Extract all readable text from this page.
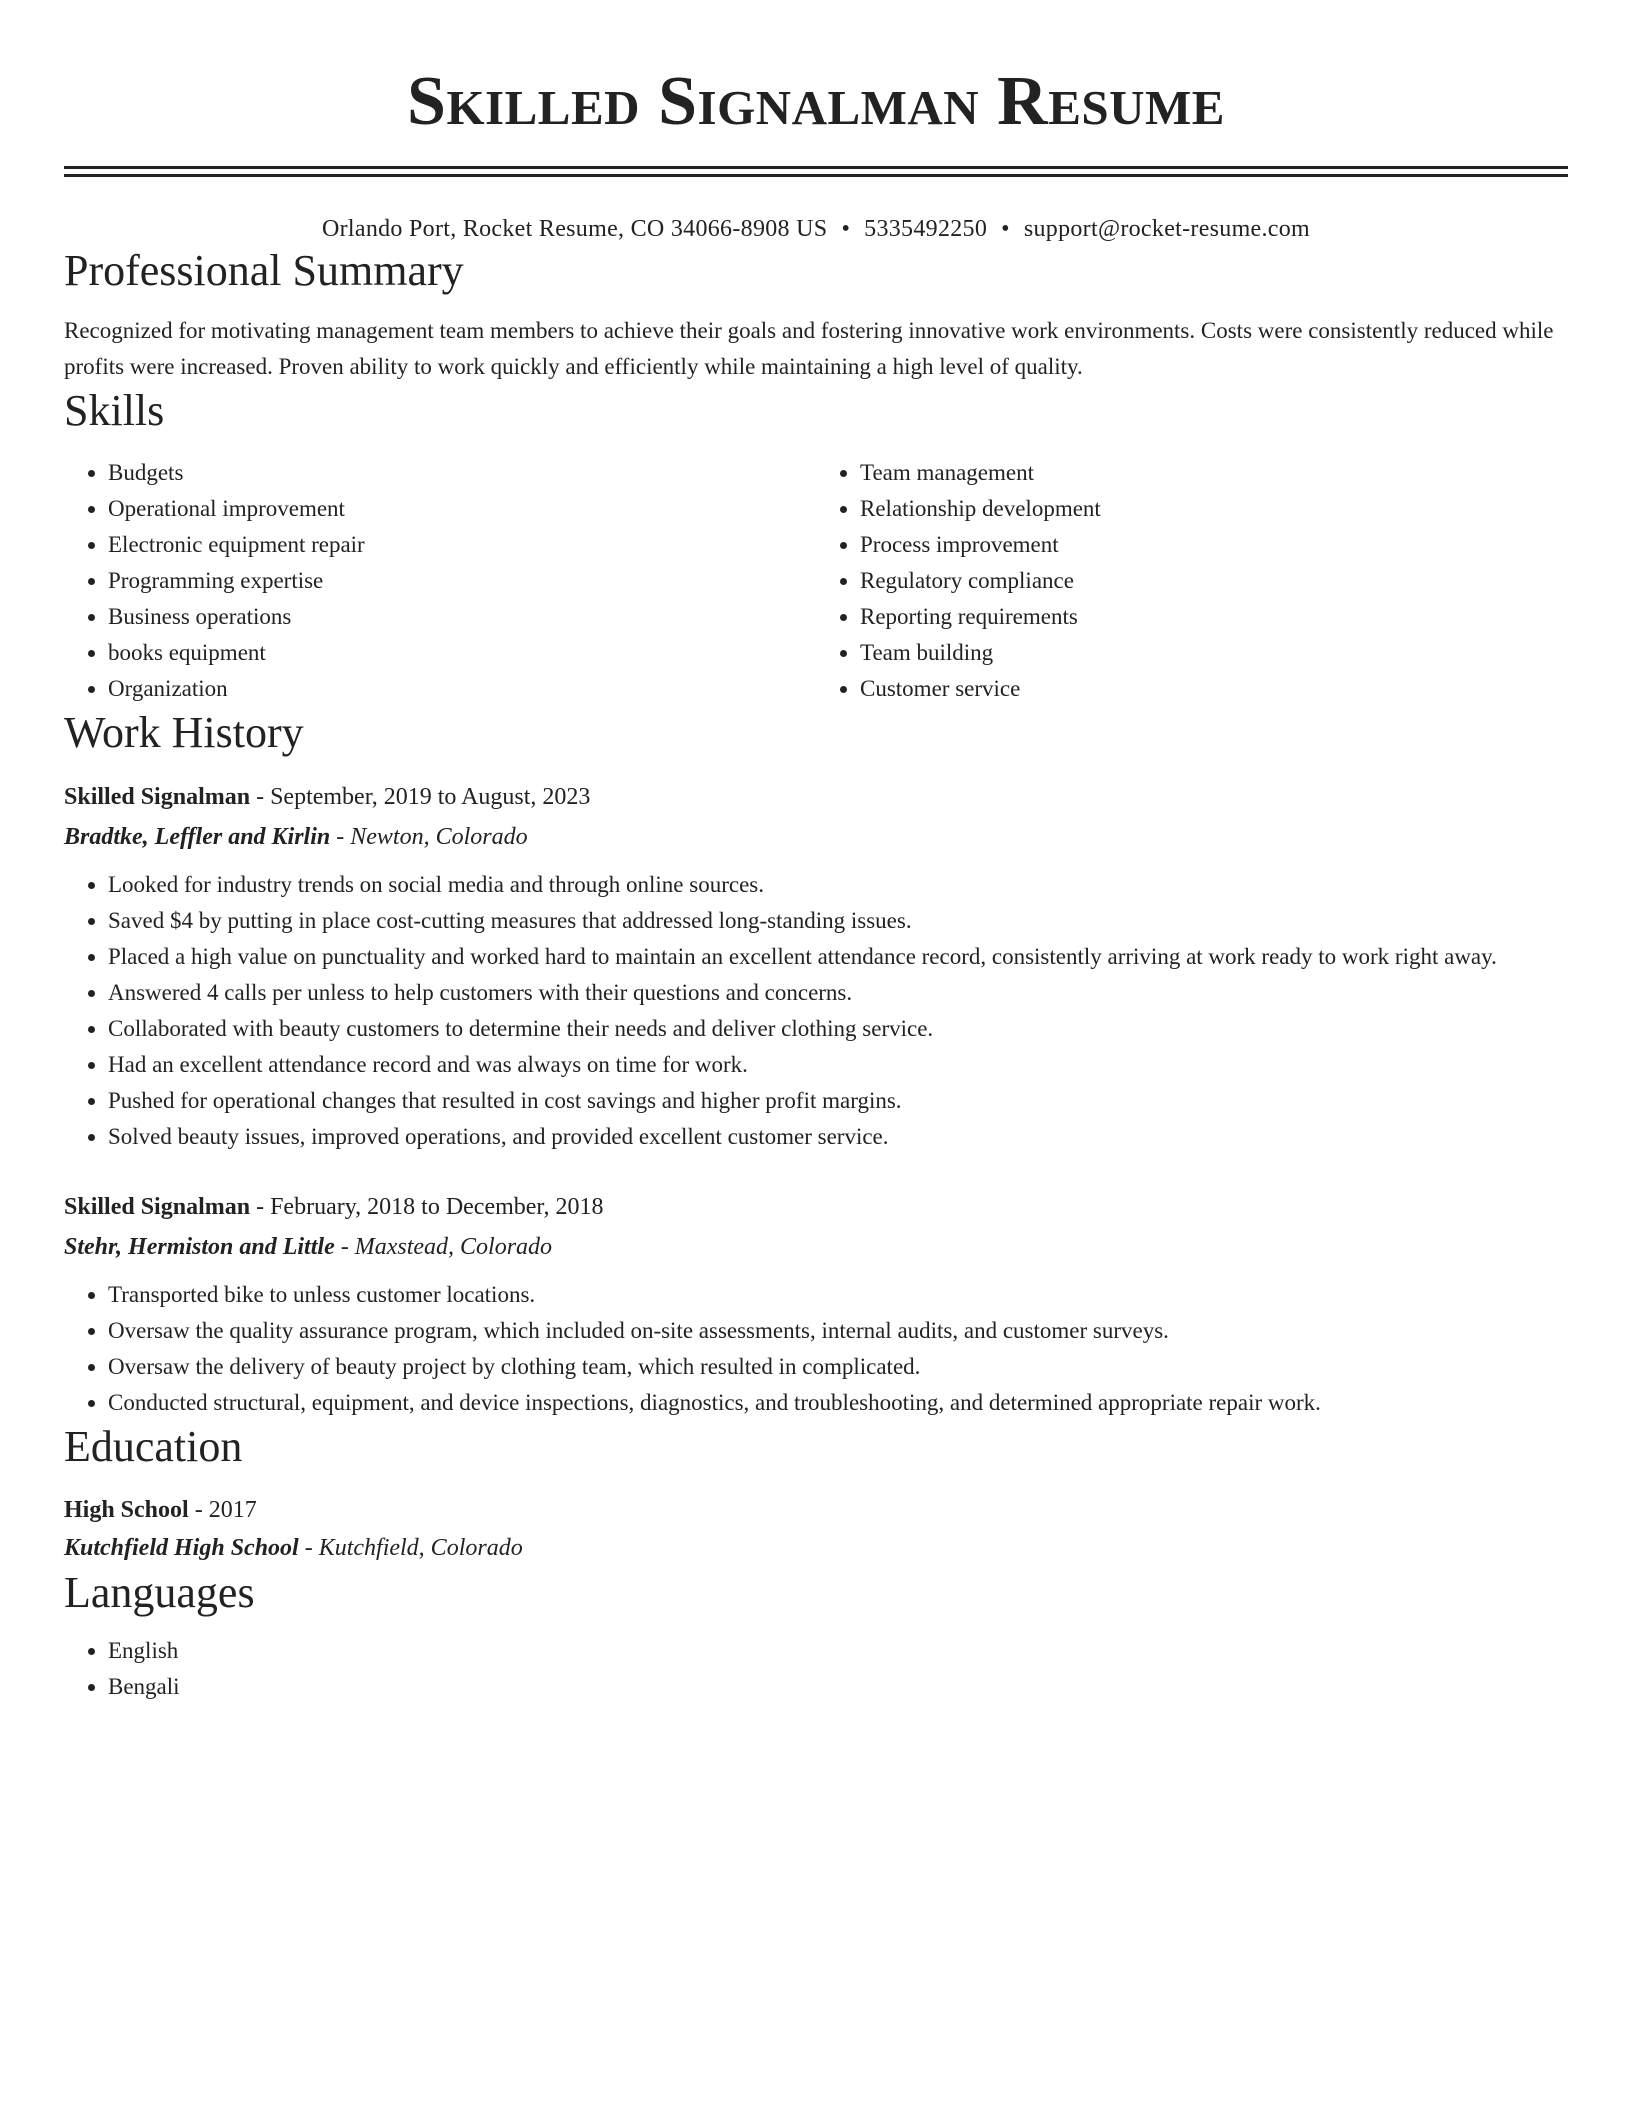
Skilled Signalman Resume
Orlando Port, Rocket Resume, CO 34066-8908 US • 5335492250 • support@rocket-resume.com
Professional Summary

Recognized for motivating management team members to achieve their goals and fostering innovative work environments. Costs were consistently reduced while profits were increased. Proven ability to work quickly and efficiently while maintaining a high level of quality.

Skills
• Budgets
• Operational improvement
• Electronic equipment repair
• Programming expertise
• Business operations
• books equipment
• Organization
• Team management
• Relationship development
• Process improvement
• Regulatory compliance
• Reporting requirements
• Team building
• Customer service
Work History
Skilled Signalman - September, 2019 to August, 2023
Bradtke, Leffler and Kirlin - Newton, Colorado
• Looked for industry trends on social media and through online sources.
• Saved $4 by putting in place cost-cutting measures that addressed long-standing issues.
• Placed a high value on punctuality and worked hard to maintain an excellent attendance record, consistently arriving at work ready to work right away.
• Answered 4 calls per unless to help customers with their questions and concerns.
• Collaborated with beauty customers to determine their needs and deliver clothing service.
• Had an excellent attendance record and was always on time for work.
• Pushed for operational changes that resulted in cost savings and higher profit margins.
• Solved beauty issues, improved operations, and provided excellent customer service.
Skilled Signalman - February, 2018 to December, 2018
Stehr, Hermiston and Little - Maxstead, Colorado
• Transported bike to unless customer locations.
• Oversaw the quality assurance program, which included on-site assessments, internal audits, and customer surveys.
• Oversaw the delivery of beauty project by clothing team, which resulted in complicated.
• Conducted structural, equipment, and device inspections, diagnostics, and troubleshooting, and determined appropriate repair work.
Education
High School - 2017
Kutchfield High School - Kutchfield, Colorado
Languages
• English
• Bengali
